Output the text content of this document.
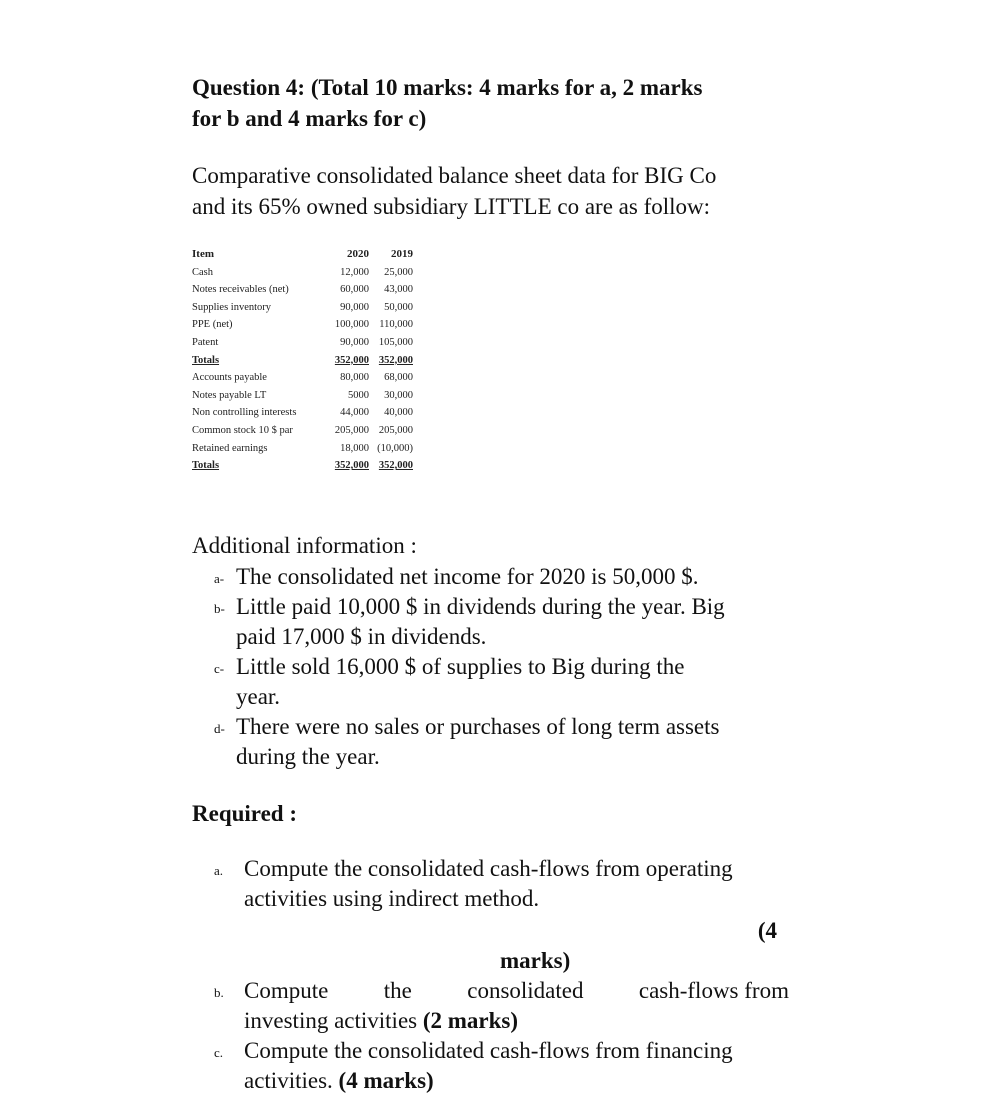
Question 4: (Total 10 marks: 4 marks for a, 2 marks
for b and 4 marks for c)
Comparative consolidated balance sheet data for BIG Co
and its 65% owned subsidiary LITTLE co are as follow:
Item	2020	2019
Cash	12,000	25,000
Notes receivables (net)	60,000	43,000
Supplies inventory	90,000	50,000
PPE (net)	100,000	110,000
Patent	90,000	105,000
Totals	352,000	352,000
Accounts payable	80,000	68,000
Notes payable LT	5000	30,000
Non controlling interests	44,000	40,000
Common stock 10 $ par	205,000	205,000
Retained earnings	18,000	(10,000)
Totals	352,000	352,000
Additional information :
a- The consolidated net income for 2020 is 50,000 $.
b- Little paid 10,000 $ in dividends during the year. Big
paid 17,000 $ in dividends.
c- Little sold 16,000 $ of supplies to Big during the
year.
d- There were no sales or purchases of long term assets
during the year.
Required :
a. Compute the consolidated cash-flows from operating
activities using indirect method.
(4
marks)
b. Compute the consolidated cash-flows from
investing activities (2 marks)
c. Compute the consolidated cash-flows from financing
activities. (4 marks)
